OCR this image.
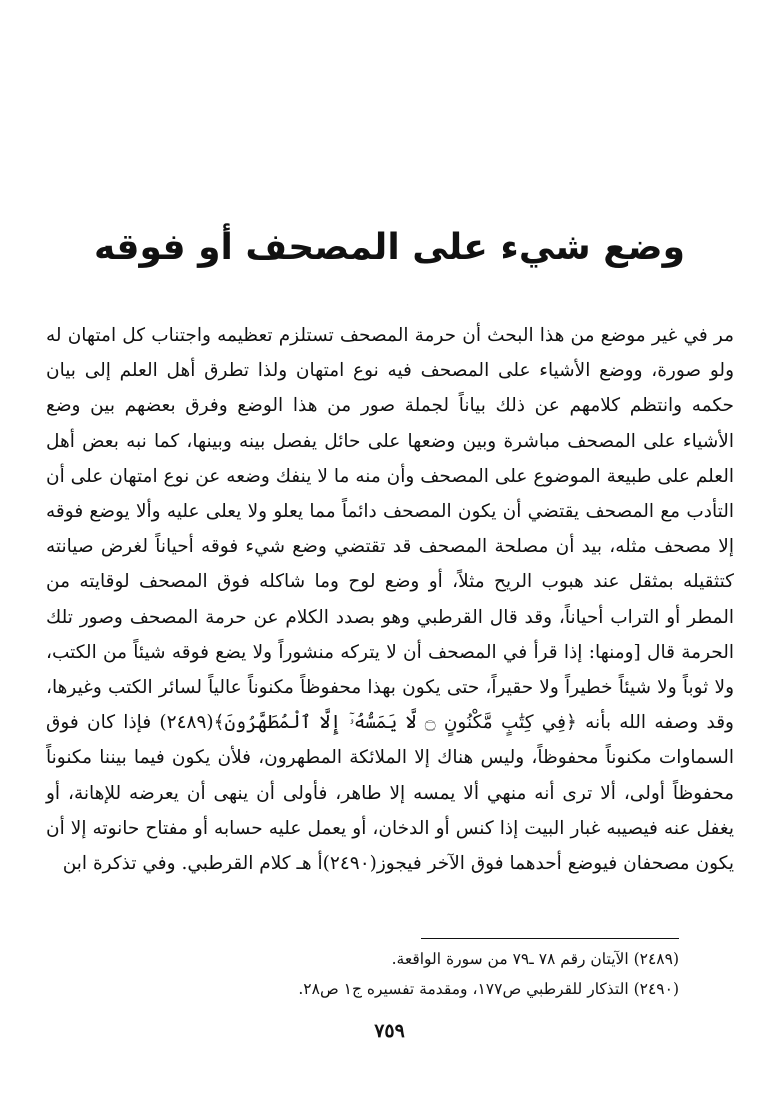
وضع شيء على المصحف أو فوقه

مر في غير موضع من هذا البحث أن حرمة المصحف تستلزم تعظيمه واجتناب كل امتهان له ولو صورة، ووضع الأشياء على المصحف فيه نوع امتهان ولذا تطرق أهل العلم إلى بيان حكمه وانتظم كلامهم عن ذلك بياناً لجملة صور من هذا الوضع وفرق بعضهم بين وضع الأشياء على المصحف مباشرة وبين وضعها على حائل يفصل بينه وبينها، كما نبه بعض أهل العلم على طبيعة الموضوع على المصحف وأن منه ما لا ينفك وضعه عن نوع امتهان على أن التأدب مع المصحف يقتضي أن يكون المصحف دائماً مما يعلو ولا يعلى عليه وألا يوضع فوقه إلا مصحف مثله، بيد أن مصلحة المصحف قد تقتضي وضع شيء فوقه أحياناً لغرض صيانته كتثقيله بمثقل عند هبوب الريح مثلاً، أو وضع لوح وما شاكله فوق المصحف لوقايته من المطر أو التراب أحياناً، وقد قال القرطبي وهو بصدد الكلام عن حرمة المصحف وصور تلك الحرمة قال [ومنها: إذا قرأ في المصحف أن لا يتركه منشوراً ولا يضع فوقه شيئاً من الكتب، ولا ثوباً ولا شيئاً خطيراً ولا حقيراً، حتى يكون بهذا محفوظاً مكنوناً عالياً لسائر الكتب وغيرها، وقد وصفه الله بأنه ﴿فِي كِتَٰبٍ مَّكْنُونٍ ۝ لَّا يَمَسُّهُۥٓ إِلَّا ٱلْمُطَهَّرُونَ﴾(٢٤٨٩) فإذا كان فوق السماوات مكنوناً محفوظاً، وليس هناك إلا الملائكة المطهرون، فلأن يكون فيما بيننا مكنوناً محفوظاً أولى، ألا ترى أنه منهي ألا يمسه إلا طاهر، فأولى أن ينهى أن يعرضه للإهانة، أو يغفل عنه فيصيبه غبار البيت إذا كنس أو الدخان، أو يعمل عليه حسابه أو مفتاح حانوته إلا أن يكون مصحفان فيوضع أحدهما فوق الآخر فيجوز(٢٤٩٠)أ هـ كلام القرطبي. وفي تذكرة ابن

(٢٤٨٩) الآيتان رقم ٧٨ ـ٧٩ من سورة الواقعة.
(٢٤٩٠) التذكار للقرطبي ص١٧٧، ومقدمة تفسيره ج١ ص٢٨.
٧٥٩
